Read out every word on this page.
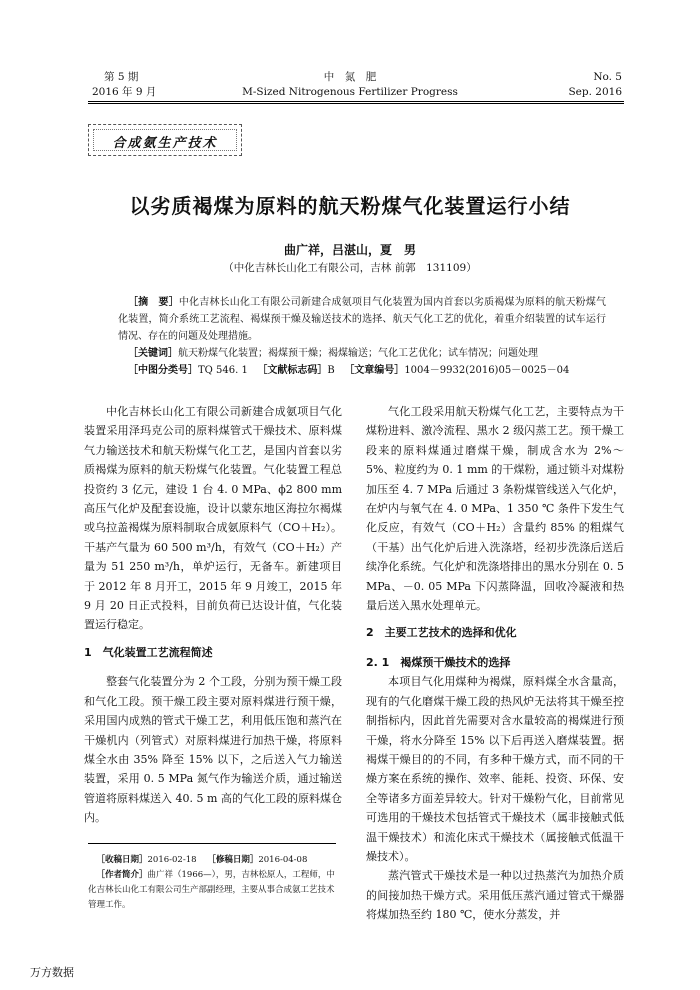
第 5 期
2016 年 9 月
中　氮　肥
M-Sized Nitrogenous Fertilizer Progress
No. 5
Sep. 2016
合成氨生产技术
以劣质褐煤为原料的航天粉煤气化装置运行小结
曲广祥，吕湛山，夏　男
（中化吉林长山化工有限公司，吉林 前郭　131109）

［摘　要］中化吉林长山化工有限公司新建合成氨项目气化装置为国内首套以劣质褐煤为原料的航天粉煤气化装置，简介系统工艺流程、褐煤预干燥及输送技术的选择、航天气化工艺的优化，着重介绍装置的试车运行情况、存在的问题及处理措施。

［关键词］航天粉煤气化装置；褐煤预干燥；褐煤输送；气化工艺优化；试车情况；问题处理

［中图分类号］TQ 546. 1 ［文献标志码］B ［文章编号］1004－9932(2016)05－0025－04

中化吉林长山化工有限公司新建合成氨项目气化装置采用泽玛克公司的原料煤管式干燥技术、原料煤气力输送技术和航天粉煤气化工艺，是国内首套以劣质褐煤为原料的航天粉煤气化装置。气化装置工程总投资约 3 亿元，建设 1 台 4. 0 MPa、ϕ2 800 mm 高压气化炉及配套设施，设计以蒙东地区海拉尔褐煤或乌拉盖褐煤为原料制取合成氨原料气（CO＋H₂）。干基产气量为 60 500 m³/h，有效气（CO＋H₂）产量为 51 250 m³/h，单炉运行，无备车。新建项目于 2012 年 8 月开工，2015 年 9 月竣工，2015 年 9 月 20 日正式投料，目前负荷已达设计值，气化装置运行稳定。

1　气化装置工艺流程简述

整套气化装置分为 2 个工段，分别为预干燥工段和气化工段。预干燥工段主要对原料煤进行预干燥，采用国内成熟的管式干燥工艺，利用低压饱和蒸汽在干燥机内（列管式）对原料煤进行加热干燥，将原料煤全水由 35% 降至 15% 以下，之后送入气力输送装置，采用 0. 5 MPa 氮气作为输送介质，通过输送管道将原料煤送入 40. 5 m 高的气化工段的原料煤仓内。

［收稿日期］2016-02-18 ［修稿日期］2016-04-08

［作者简介］曲广祥（1966—），男，吉林松原人，工程师，中化吉林长山化工有限公司生产部副经理，主要从事合成氨工艺技术管理工作。

气化工段采用航天粉煤气化工艺，主要特点为干煤粉进料、激冷流程、黑水 2 级闪蒸工艺。预干燥工段来的原料煤通过磨煤干燥，制成含水为 2%～5%、粒度约为 0. 1 mm 的干煤粉，通过锁斗对煤粉加压至 4. 7 MPa 后通过 3 条粉煤管线送入气化炉，在炉内与氧气在 4. 0 MPa、1 350 ℃ 条件下发生气化反应，有效气（CO＋H₂）含量约 85% 的粗煤气（干基）出气化炉后进入洗涤塔，经初步洗涤后送后续净化系统。气化炉和洗涤塔排出的黑水分别在 0. 5 MPa、－0. 05 MPa 下闪蒸降温，回收冷凝液和热量后送入黑水处理单元。

2　主要工艺技术的选择和优化

2. 1　褐煤预干燥技术的选择

本项目气化用煤种为褐煤，原料煤全水含量高，现有的气化磨煤干燥工段的热风炉无法将其干燥至控制指标内，因此首先需要对含水量较高的褐煤进行预干燥，将水分降至 15% 以下后再送入磨煤装置。据褐煤干燥目的的不同，有多种干燥方式，而不同的干燥方案在系统的操作、效率、能耗、投资、环保、安全等诸多方面差异较大。针对干燥粉气化，目前常见可选用的干燥技术包括管式干燥技术（属非接触式低温干燥技术）和流化床式干燥技术（属接触式低温干燥技术）。

蒸汽管式干燥技术是一种以过热蒸汽为加热介质的间接加热干燥方式。采用低压蒸汽通过管式干燥器将煤加热至约 180 ℃，使水分蒸发，并

万方数据
